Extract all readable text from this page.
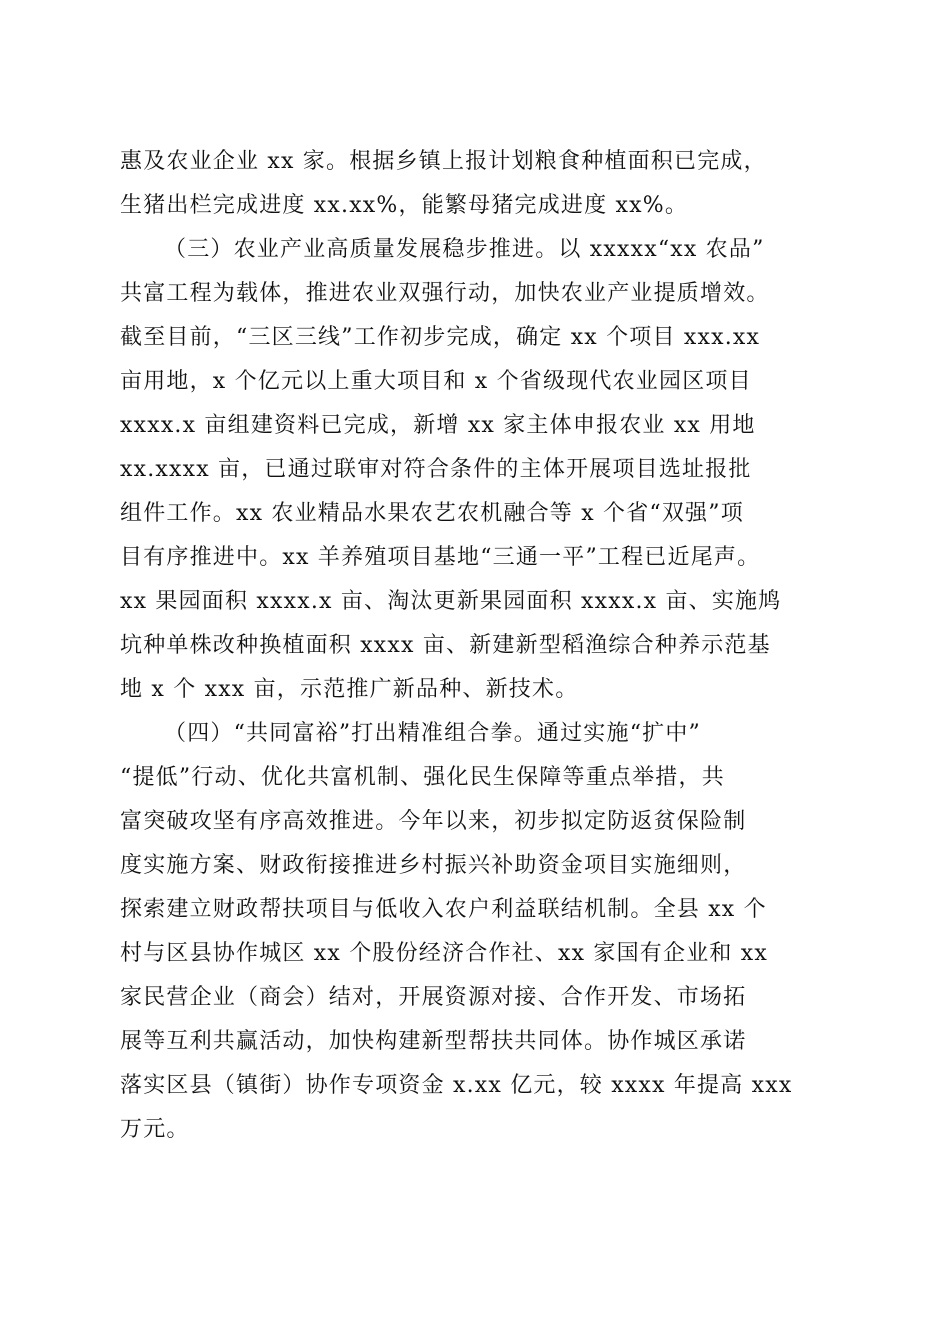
惠及农业企业 xx 家。根据乡镇上报计划粮食种植面积已完成，
生猪出栏完成进度 xx.xx%，能繁母猪完成进度 xx%。
（三）农业产业高质量发展稳步推进。以 xxxxx“xx 农品”
共富工程为载体，推进农业双强行动，加快农业产业提质增效。
截至目前，“三区三线”工作初步完成，确定 xx 个项目 xxx.xx
亩用地，x 个亿元以上重大项目和 x 个省级现代农业园区项目
xxxx.x 亩组建资料已完成，新增 xx 家主体申报农业 xx 用地
xx.xxxx 亩，已通过联审对符合条件的主体开展项目选址报批
组件工作。xx 农业精品水果农艺农机融合等 x 个省“双强”项
目有序推进中。xx 羊养殖项目基地“三通一平”工程已近尾声。
xx 果园面积 xxxx.x 亩、淘汰更新果园面积 xxxx.x 亩、实施鸠
坑种单株改种换植面积 xxxx 亩、新建新型稻渔综合种养示范基
地 x 个 xxx 亩，示范推广新品种、新技术。
（四）“共同富裕”打出精准组合拳。通过实施“扩中”
“提低”行动、优化共富机制、强化民生保障等重点举措，共
富突破攻坚有序高效推进。今年以来，初步拟定防返贫保险制
度实施方案、财政衔接推进乡村振兴补助资金项目实施细则，
探索建立财政帮扶项目与低收入农户利益联结机制。全县 xx 个
村与区县协作城区 xx 个股份经济合作社、xx 家国有企业和 xx
家民营企业（商会）结对，开展资源对接、合作开发、市场拓
展等互利共赢活动，加快构建新型帮扶共同体。协作城区承诺
落实区县（镇街）协作专项资金 x.xx 亿元，较 xxxx 年提高 xxx
万元。
